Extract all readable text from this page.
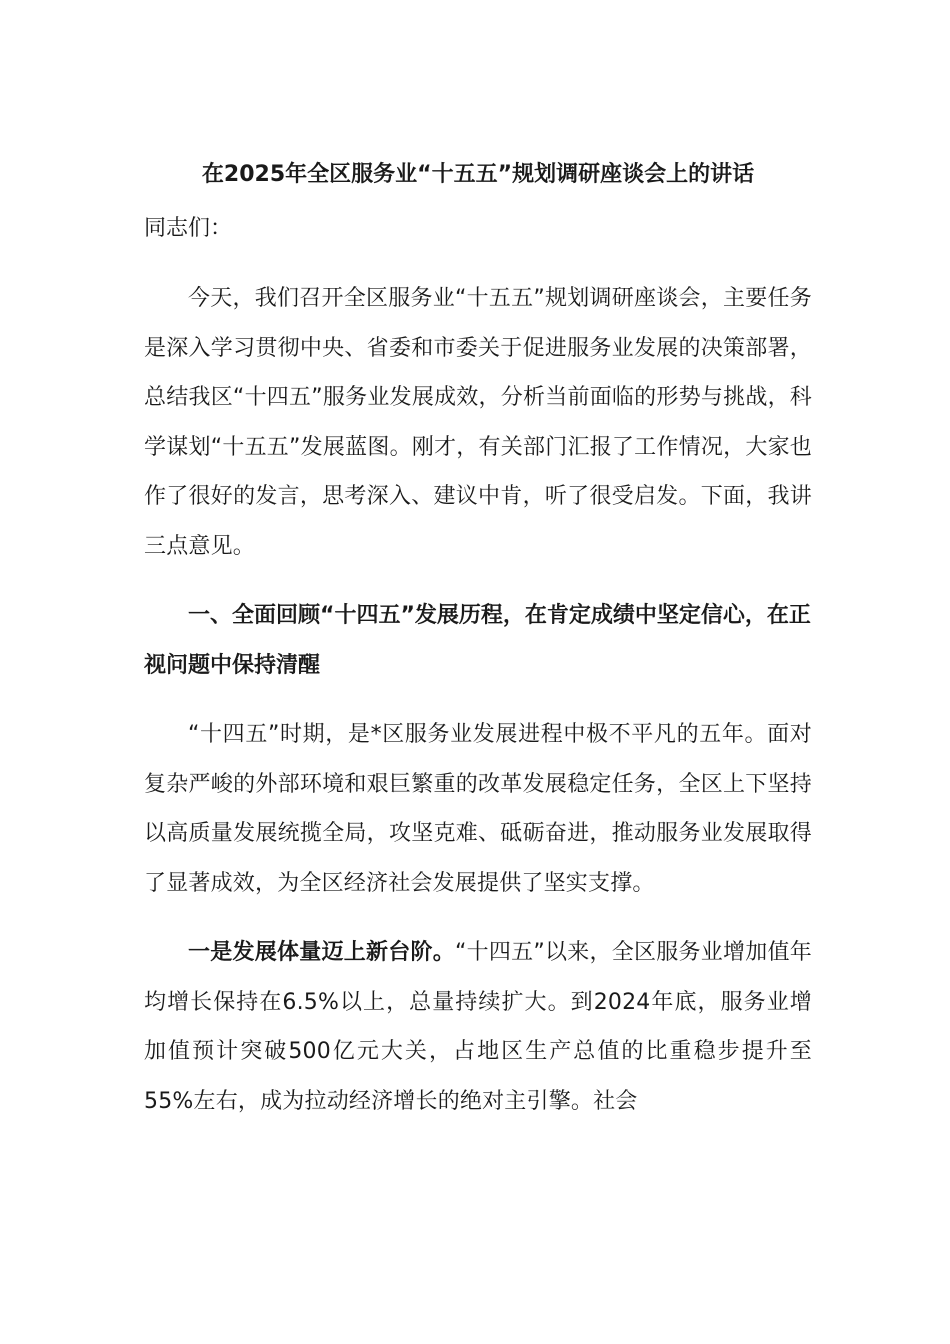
在2025年全区服务业“十五五”规划调研座谈会上的讲话
同志们：

今天，我们召开全区服务业“十五五”规划调研座谈会，主要任务是深入学习贯彻中央、省委和市委关于促进服务业发展的决策部署，总结我区“十四五”服务业发展成效，分析当前面临的形势与挑战，科学谋划“十五五”发展蓝图。刚才，有关部门汇报了工作情况，大家也作了很好的发言，思考深入、建议中肯，听了很受启发。下面，我讲三点意见。

一、全面回顾“十四五”发展历程，在肯定成绩中坚定信心，在正视问题中保持清醒

“十四五”时期，是*区服务业发展进程中极不平凡的五年。面对复杂严峻的外部环境和艰巨繁重的改革发展稳定任务，全区上下坚持以高质量发展统揽全局，攻坚克难、砥砺奋进，推动服务业发展取得了显著成效，为全区经济社会发展提供了坚实支撑。

一是发展体量迈上新台阶。“十四五”以来，全区服务业增加值年均增长保持在6.5%以上，总量持续扩大。到2024年底，服务业增加值预计突破500亿元大关，占地区生产总值的比重稳步提升至55%左右，成为拉动经济增长的绝对主引擎。社会
